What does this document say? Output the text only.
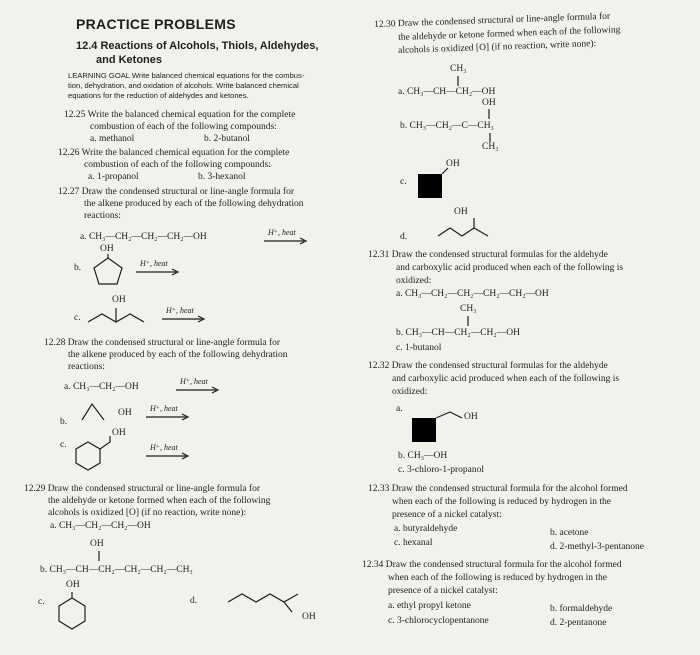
PRACTICE PROBLEMS
12.4 Reactions of Alcohols, Thiols, Aldehydes,
and Ketones
LEARNING GOAL Write balanced chemical equations for the combus-
tion, dehydration, and oxidation of alcohols. Write balanced chemical
equations for the reduction of aldehydes and ketones.
12.25 Write the balanced chemical equation for the complete
combustion of each of the following compounds:
a. methanol	b. 2-butanol
12.26 Write the balanced chemical equation for the complete
combustion of each of the following compounds:
a. 1-propanol	b. 3-hexanol
12.27 Draw the condensed structural or line-angle formula for
the alkene produced by each of the following dehydration
reactions:
a. CH₃—CH₂—CH₂—CH₂—OH
OH
H⁺, heat
b.	H⁺, heat
OH
c.
H⁺, heat
12.28 Draw the condensed structural or line-angle formula for
the alkene produced by each of the following dehydration
reactions:
a. CH₃—CH₂—OH
H⁺, heat
b.
OH H⁺, heat
OH
c.	H⁺, heat
12.29 Draw the condensed structural or line-angle formula for
the aldehyde or ketone formed when each of the following
alcohols is oxidized [O] (if no reaction, write none):
a. CH₃—CH₂—CH₂—OH
OH
b. CH₃—CH—CH₂—CH₂—CH₂—CH₃
OH
c.	d.
OH
12.30 Draw the condensed structural or line-angle formula for
the aldehyde or ketone formed when each of the following
alcohols is oxidized [O] (if no reaction, write none):
CH₃
a. CH₃—CH—CH₂—OH
OH
b. CH₃—CH₂—C—CH₃
CH₃
OH
c.
OH
d.
12.31 Draw the condensed structural formulas for the aldehyde
and carboxylic acid produced when each of the following is
oxidized:
a. CH₃—CH₂—CH₂—CH₂—CH₂—OH
CH₃
b. CH₃—CH—CH₂—CH₂—OH
c. 1-butanol
12.32 Draw the condensed structural formulas for the aldehyde
and carboxylic acid produced when each of the following is
oxidized:
a.
OH
b. CH₃—OH
c. 3-chloro-1-propanol
12.33 Draw the condensed structural formula for the alcohol formed
when each of the following is reduced by hydrogen in the
presence of a nickel catalyst:
a. butyraldehyde	b. acetone
c. hexanal	d. 2-methyl-3-pentanone
12.34 Draw the condensed structural formula for the alcohol formed
when each of the following is reduced by hydrogen in the
presence of a nickel catalyst:
a. ethyl propyl ketone	b. formaldehyde
c. 3-chlorocyclopentanone	d. 2-pentanone
